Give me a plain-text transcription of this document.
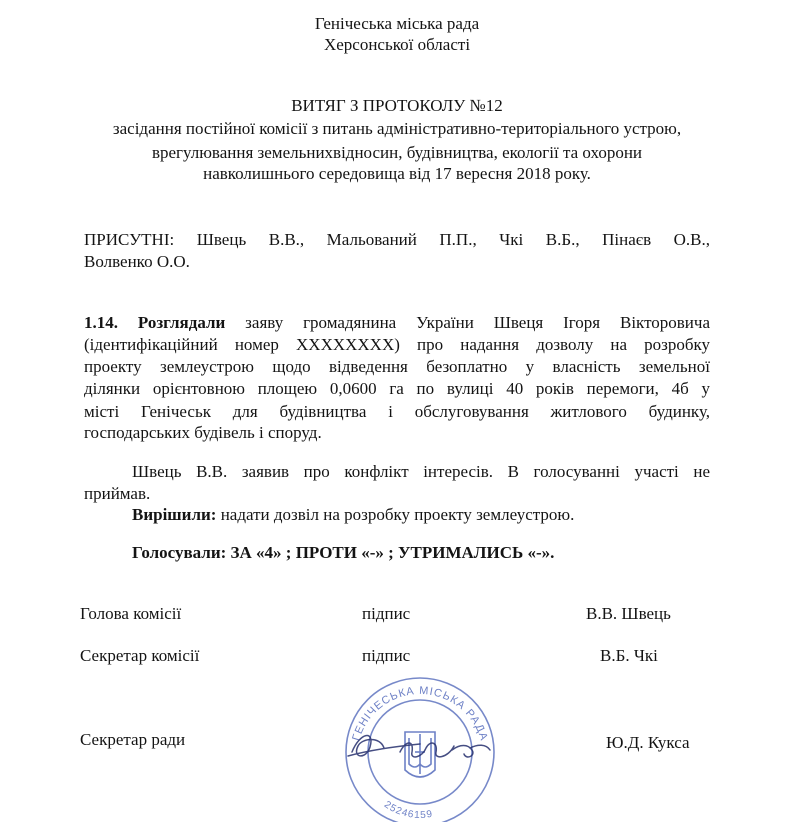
Генічеська міська рада
Херсонської області
ВИТЯГ З ПРОТОКОЛУ №12
засідання постійної комісії з питань адміністративно-територіального устрою,
врегулювання земельнихвідносин, будівництва, екології та охорони
навколишнього середовища від 17 вересня 2018 року.
ПРИСУТНІ: Швець В.В., Мальований П.П., Чкі В.Б., Пінаєв О.В.,
Волвенко О.О.
1.14. Розглядали заяву громадянина України Швеця Ігоря Вікторовича
(ідентифікаційний номер ХХХХХХХХ) про надання дозволу на розробку
проекту землеустрою щодо відведення безоплатно у власність земельної
ділянки орієнтовною площею 0,0600 га по вулиці 40 років перемоги, 4б у
місті Генічеськ для будівництва і обслуговування житлового будинку,
господарських будівель і споруд.
Швець В.В. заявив про конфлікт інтересів. В голосуванні участі не
приймав.
Вирішили: надати дозвіл на розробку проекту землеустрою.
Голосували: ЗА «4» ; ПРОТИ «-» ; УТРИМАЛИСЬ «-».
Голова комісії	підпис	В.В. Швець
Секретар комісії	підпис	В.Б. Чкі
Секретар ради	Ю.Д. Кукса
ГЕНІЧЕСЬКА МІСЬКА РАДА
25246159
